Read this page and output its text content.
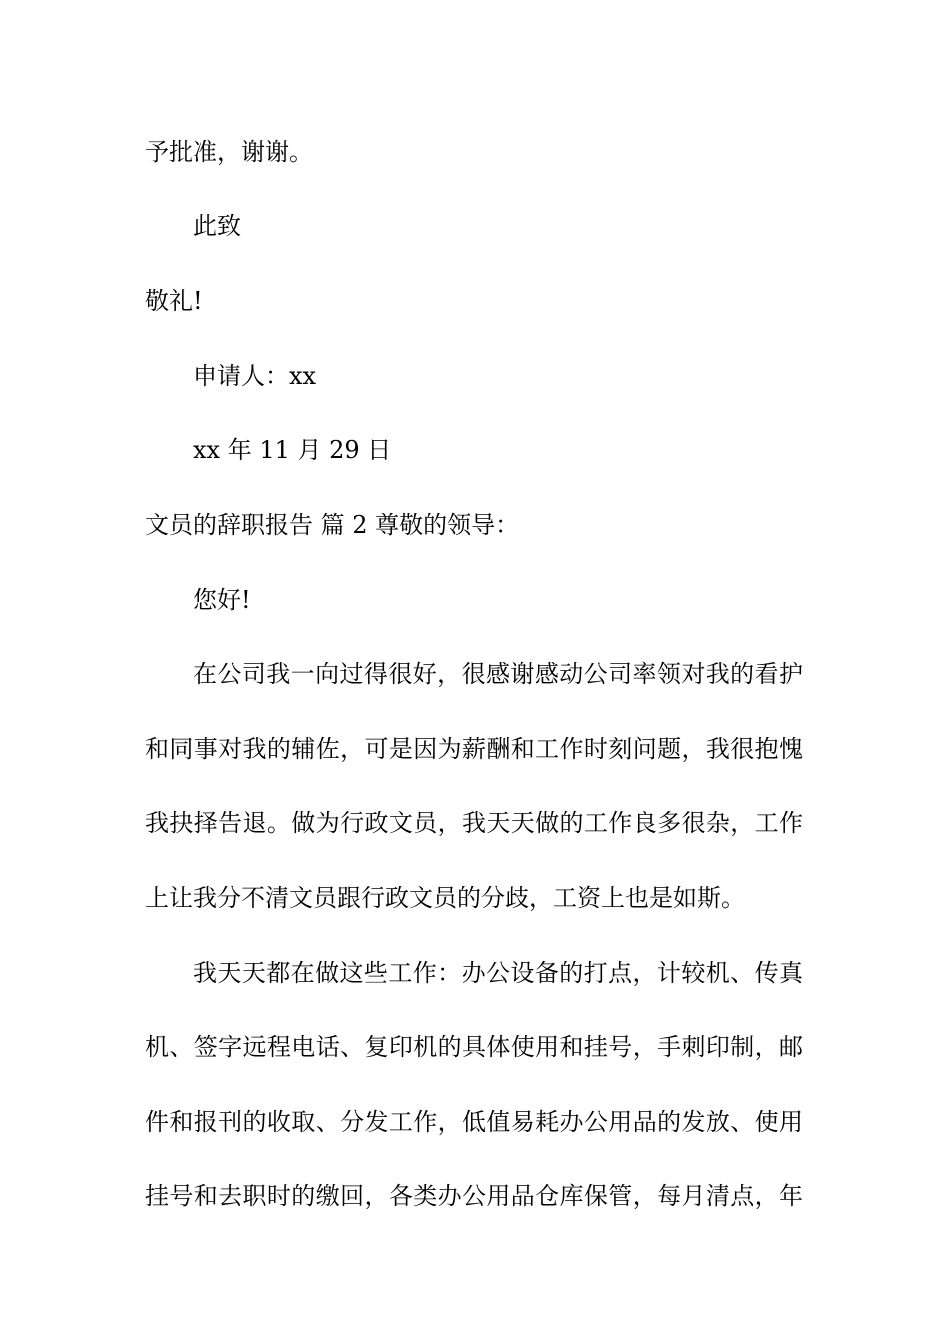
予批准，谢谢。
此致
敬礼!
申请人：xx
xx 年 11 月 29 日
文员的辞职报告 篇 2 尊敬的领导：
您好!
在公司我一向过得很好，很感谢感动公司率领对我的看护
和同事对我的辅佐，可是因为薪酬和工作时刻问题，我很抱愧
我抉择告退。做为行政文员，我天天做的工作良多很杂，工作
上让我分不清文员跟行政文员的分歧，工资上也是如斯。
我天天都在做这些工作：办公设备的打点，计较机、传真
机、签字远程电话、复印机的具体使用和挂号，手刺印制，邮
件和报刊的收取、分发工作，低值易耗办公用品的发放、使用
挂号和去职时的缴回，各类办公用品仓库保管，每月清点，年
